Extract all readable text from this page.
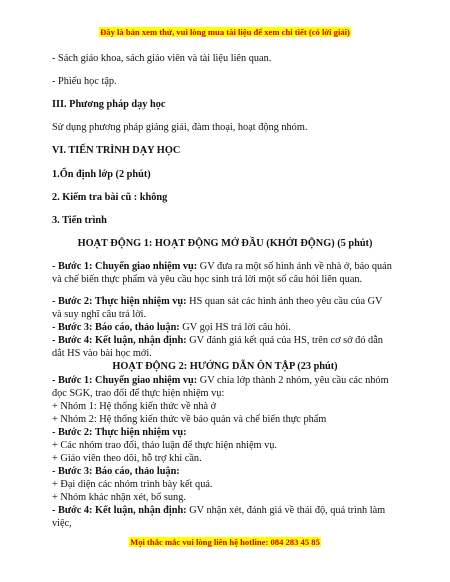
Đây là bản xem thử, vui lòng mua tài liệu để xem chi tiết (có lời giải)
- Sách giáo khoa, sách giáo viên và tài liệu liên quan.
- Phiếu học tập.
III. Phương pháp dạy học
Sử dụng phương pháp giảng giải, đàm thoại, hoạt động nhóm.
VI. TIẾN TRÌNH DẠY HỌC
1.Ổn định lớp (2 phút)
2. Kiểm tra bài cũ : không
3. Tiến trình
HOẠT ĐỘNG 1: HOẠT ĐỘNG MỞ ĐẦU (KHỞI ĐỘNG) (5 phút)
- Bước 1: Chuyển giao nhiệm vụ: GV đưa ra một số hình ảnh về nhà ở, bảo quản
và chế biến thực phẩm và yêu cầu học sinh trả lời một số câu hỏi liên quan.
- Bước 2: Thực hiện nhiệm vụ: HS quan sát các hình ảnh theo yêu cầu của GV
và suy nghĩ câu trả lời.
- Bước 3: Báo cáo, thảo luận: GV gọi HS trả lời câu hỏi.
- Bước 4: Kết luận, nhận định: GV đánh giá kết quả của HS, trên cơ sở đó dẫn
dắt HS vào bài học mới.
HOẠT ĐỘNG 2: HƯỚNG DẪN ÔN TẬP (23 phút)
- Bước 1: Chuyển giao nhiệm vụ: GV chia lớp thành 2 nhóm, yêu cầu các nhóm
đọc SGK, trao đổi để thực hiện nhiệm vụ:
+ Nhóm 1: Hệ thống kiến thức về nhà ở
+ Nhóm 2: Hệ thống kiến thức về bảo quản và chế biến thực phẩm
- Bước 2: Thực hiện nhiệm vụ:
+ Các nhóm trao đổi, thảo luận để thực hiện nhiệm vụ.
+ Giáo viên theo dõi, hỗ trợ khi cần.
- Bước 3: Báo cáo, thảo luận:
+ Đại diện các nhóm trình bày kết quả.
+ Nhóm khác nhận xét, bổ sung.
- Bước 4: Kết luận, nhận định: GV nhận xét, đánh giá về thái độ, quá trình làm
việc,
Mọi thắc mắc vui lòng liên hệ hotline: 084 283 45 85
